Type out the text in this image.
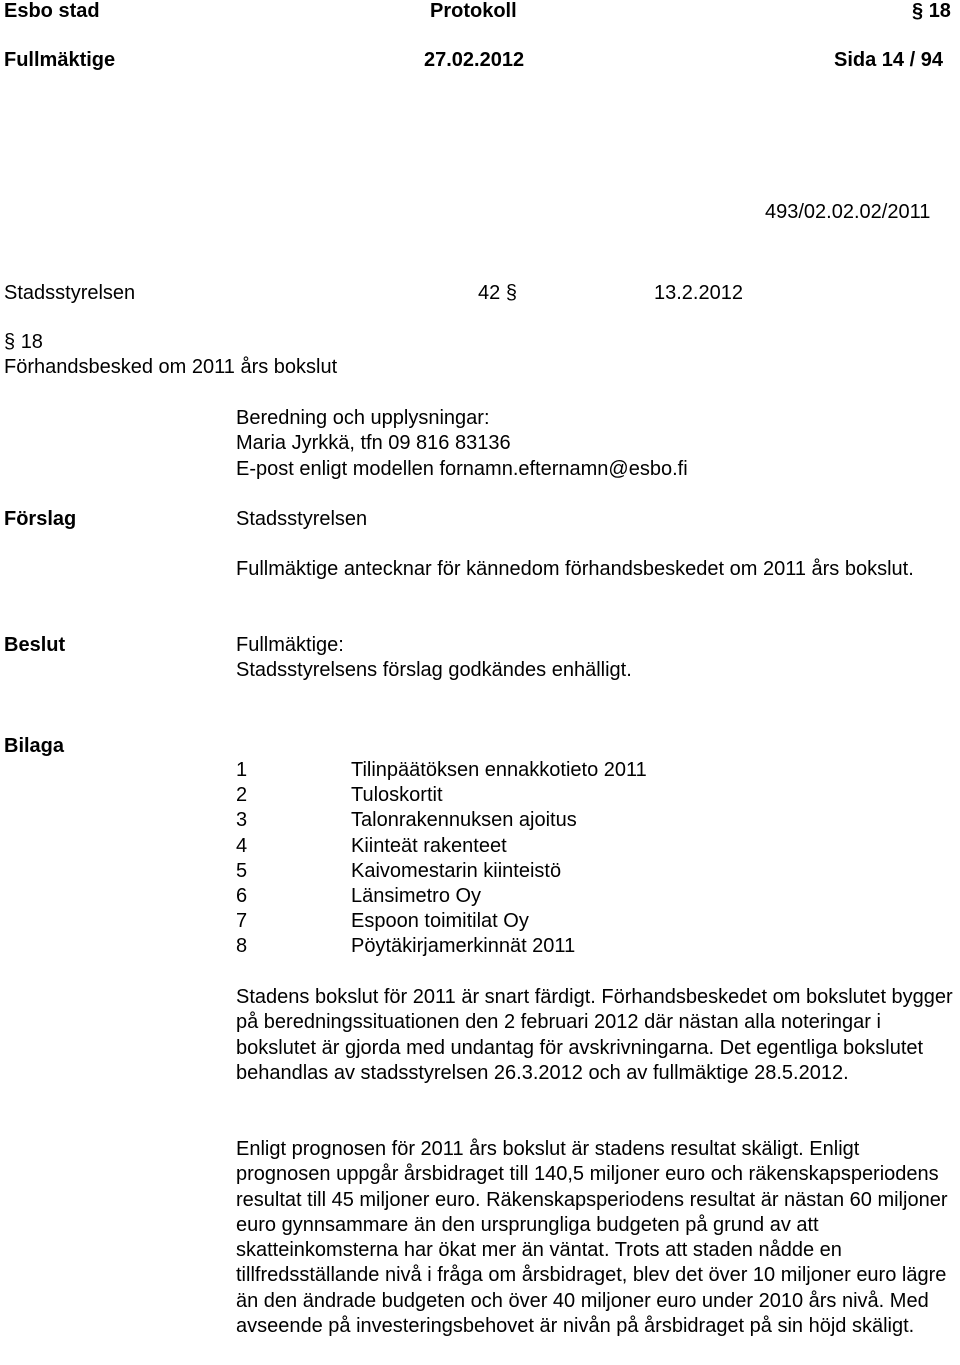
Esbo stad	Protokoll	§ 18
Fullmäktige	27.02.2012	Sida 14 / 94
493/02.02.02/2011
Stadsstyrelsen	42 §	13.2.2012
§ 18
Förhandsbesked om 2011 års bokslut
Beredning och upplysningar:
Maria Jyrkkä, tfn 09 816 83136
E-post enligt modellen fornamn.efternamn@esbo.fi
Förslag	Stadsstyrelsen
Fullmäktige antecknar för kännedom förhandsbeskedet om 2011 års bokslut.
Beslut	Fullmäktige:
Stadsstyrelsens förslag godkändes enhälligt.
Bilaga
1	Tilinpäätöksen ennakkotieto 2011
2	Tuloskortit
3	Talonrakennuksen ajoitus
4	Kiinteät rakenteet
5	Kaivomestarin kiinteistö
6	Länsimetro Oy
7	Espoon toimitilat Oy
8	Pöytäkirjamerkinnät 2011
Stadens bokslut för 2011 är snart färdigt. Förhandsbeskedet om bokslutet bygger på beredningssituationen den 2 februari 2012 där nästan alla noteringar i bokslutet är gjorda med undantag för avskrivningarna. Det egentliga bokslutet behandlas av stadsstyrelsen 26.3.2012 och av fullmäktige 28.5.2012.
Enligt prognosen för 2011 års bokslut är stadens resultat skäligt. Enligt prognosen uppgår årsbidraget till 140,5 miljoner euro och räkenskapsperiodens resultat till 45 miljoner euro. Räkenskapsperiodens resultat är nästan 60 miljoner euro gynnsammare än den ursprungliga budgeten på grund av att skatteinkomsterna har ökat mer än väntat. Trots att staden nådde en tillfredsställande nivå i fråga om årsbidraget, blev det över 10 miljoner euro lägre än den ändrade budgeten och över 40 miljoner euro under 2010 års nivå. Med avseende på investeringsbehovet är nivån på årsbidraget på sin höjd skäligt.
